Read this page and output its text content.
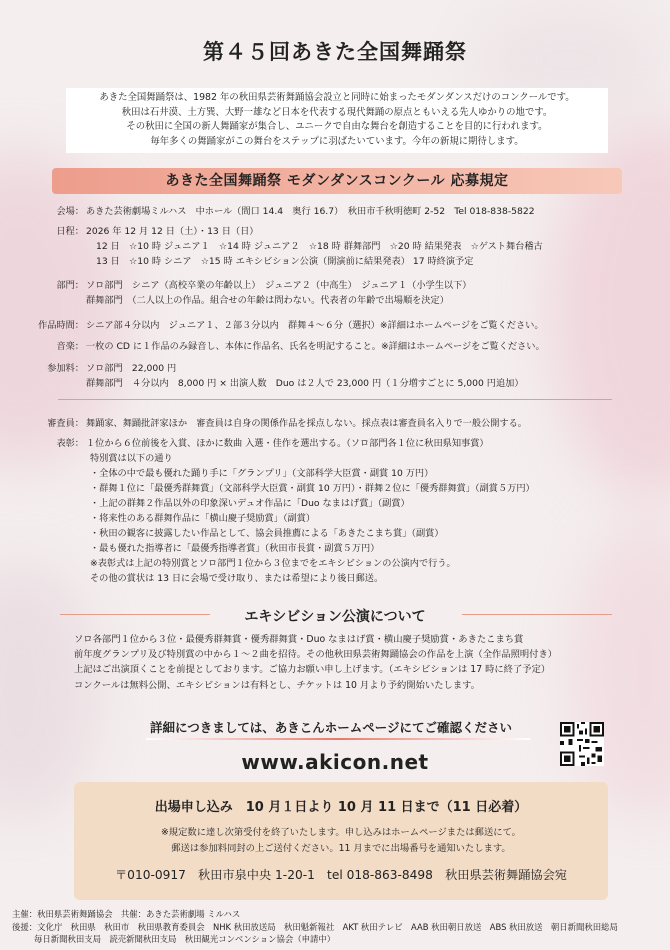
第４５回あきた全国舞踊祭
あきた全国舞踊祭は、1982 年の秋田県芸術舞踊協会設立と同時に始まったモダンダンスだけのコンクールです。
秋田は石井漠、土方巽、大野一雄など日本を代表する現代舞踊の原点ともいえる先人ゆかりの地です。
その秋田に全国の新人舞踊家が集合し、ユニークで自由な舞台を創造することを目的に行われます。
毎年多くの舞踊家がこの舞台をステップに羽ばたいています。今年の新規に期待します。
あきた全国舞踊祭 モダンダンスコンクール 応募規定
会場： あきた芸術劇場ミルハス　中ホール（間口 14.4　奥行 16.7）　秋田市千秋明徳町 2-52　Tel 018-838-5822
日程： 2026 年 12 月 12 日（土）・13 日（日）
12 日　☆10 時 ジュニア１　☆14 時 ジュニア２　☆18 時 群舞部門　☆20 時 結果発表　☆ゲスト舞台稽古
13 日　☆10 時 シニア　☆15 時 エキシビション公演（開演前に結果発表） 17 時終演予定
部門： ソロ部門　シニア（高校卒業の年齢以上）　ジュニア２（中高生）　ジュニア１（小学生以下）
群舞部門　（二人以上の作品。組合せの年齢は問わない。代表者の年齢で出場順を決定）
作品時間： シニア部４分以内　ジュニア１、２部３分以内　群舞４～６分（選択）※詳細はホームページをご覧ください。
音楽： 一枚の CD に１作品のみ録音し、本体に作品名、氏名を明記すること。※詳細はホームページをご覧ください。
参加料： ソロ部門　22,000 円
群舞部門　４分以内　8,000 円 × 出演人数　Duo は２人で 23,000 円（１分増すごとに 5,000 円追加）
審査員： 舞踊家、舞踊批評家ほか　審査員は自身の関係作品を採点しない。採点表は審査員名入りで一般公開する。
表彰： １位から６位前後を入賞、ほかに数曲 入選・佳作を選出する。（ソロ部門各１位に秋田県知事賞）
特別賞は以下の通り
・全体の中で最も優れた踊り手に「グランプリ」（文部科学大臣賞・副賞 10 万円）
・群舞１位に「最優秀群舞賞」（文部科学大臣賞・副賞 10 万円）・群舞２位に「優秀群舞賞」（副賞５万円）
・上記の群舞２作品以外の印象深いデュオ作品に「Duo なまはげ賞」（副賞）
・将来性のある群舞作品に「横山慶子奨励賞」（副賞）
・秋田の観客に披露したい作品として、協会員推薦による「あきたこまち賞」（副賞）
・最も優れた指導者に「最優秀指導者賞」（秋田市長賞・副賞５万円）
※表彰式は上記の特別賞とソロ部門１位から３位までをエキシビションの公演内で行う。
その他の賞状は 13 日に会場で受け取り、または希望により後日郵送。
エキシビション公演について
ソロ各部門１位から３位・最優秀群舞賞・優秀群舞賞・Duo なまはげ賞・横山慶子奨励賞・あきたこまち賞
前年度グランプリ及び特別賞の中から１～２曲を招待。その他秋田県芸術舞踊協会の作品を上演（全作品照明付き）
上記はご出演頂くことを前提としております。ご協力お願い申し上げます。（エキシビションは 17 時に終了予定）
コンクールは無料公開、エキシビションは有料とし、チケットは 10 月より予約開始いたします。
詳細につきましては、あきこんホームページにてご確認ください
www.akicon.net
出場申し込み　10 月１日より 10 月 11 日まで（11 日必着）
※規定数に達し次第受付を終了いたします。申し込みはホームページまたは郵送にて。
郵送は参加料同封の上ご送付ください。11 月までに出場番号を通知いたします。
〒010-0917　秋田市泉中央 1-20-1　tel 018-863-8498　秋田県芸術舞踊協会宛
主催：秋田県芸術舞踊協会　共催：あきた芸術劇場 ミルハス
後援：文化庁　秋田県　秋田市　秋田県教育委員会　NHK 秋田放送局　秋田魁新報社　AKT 秋田テレビ　AAB 秋田朝日放送　ABS 秋田放送　朝日新聞秋田総局
毎日新聞秋田支局　読売新聞秋田支局　秋田観光コンベンション協会（申請中）
